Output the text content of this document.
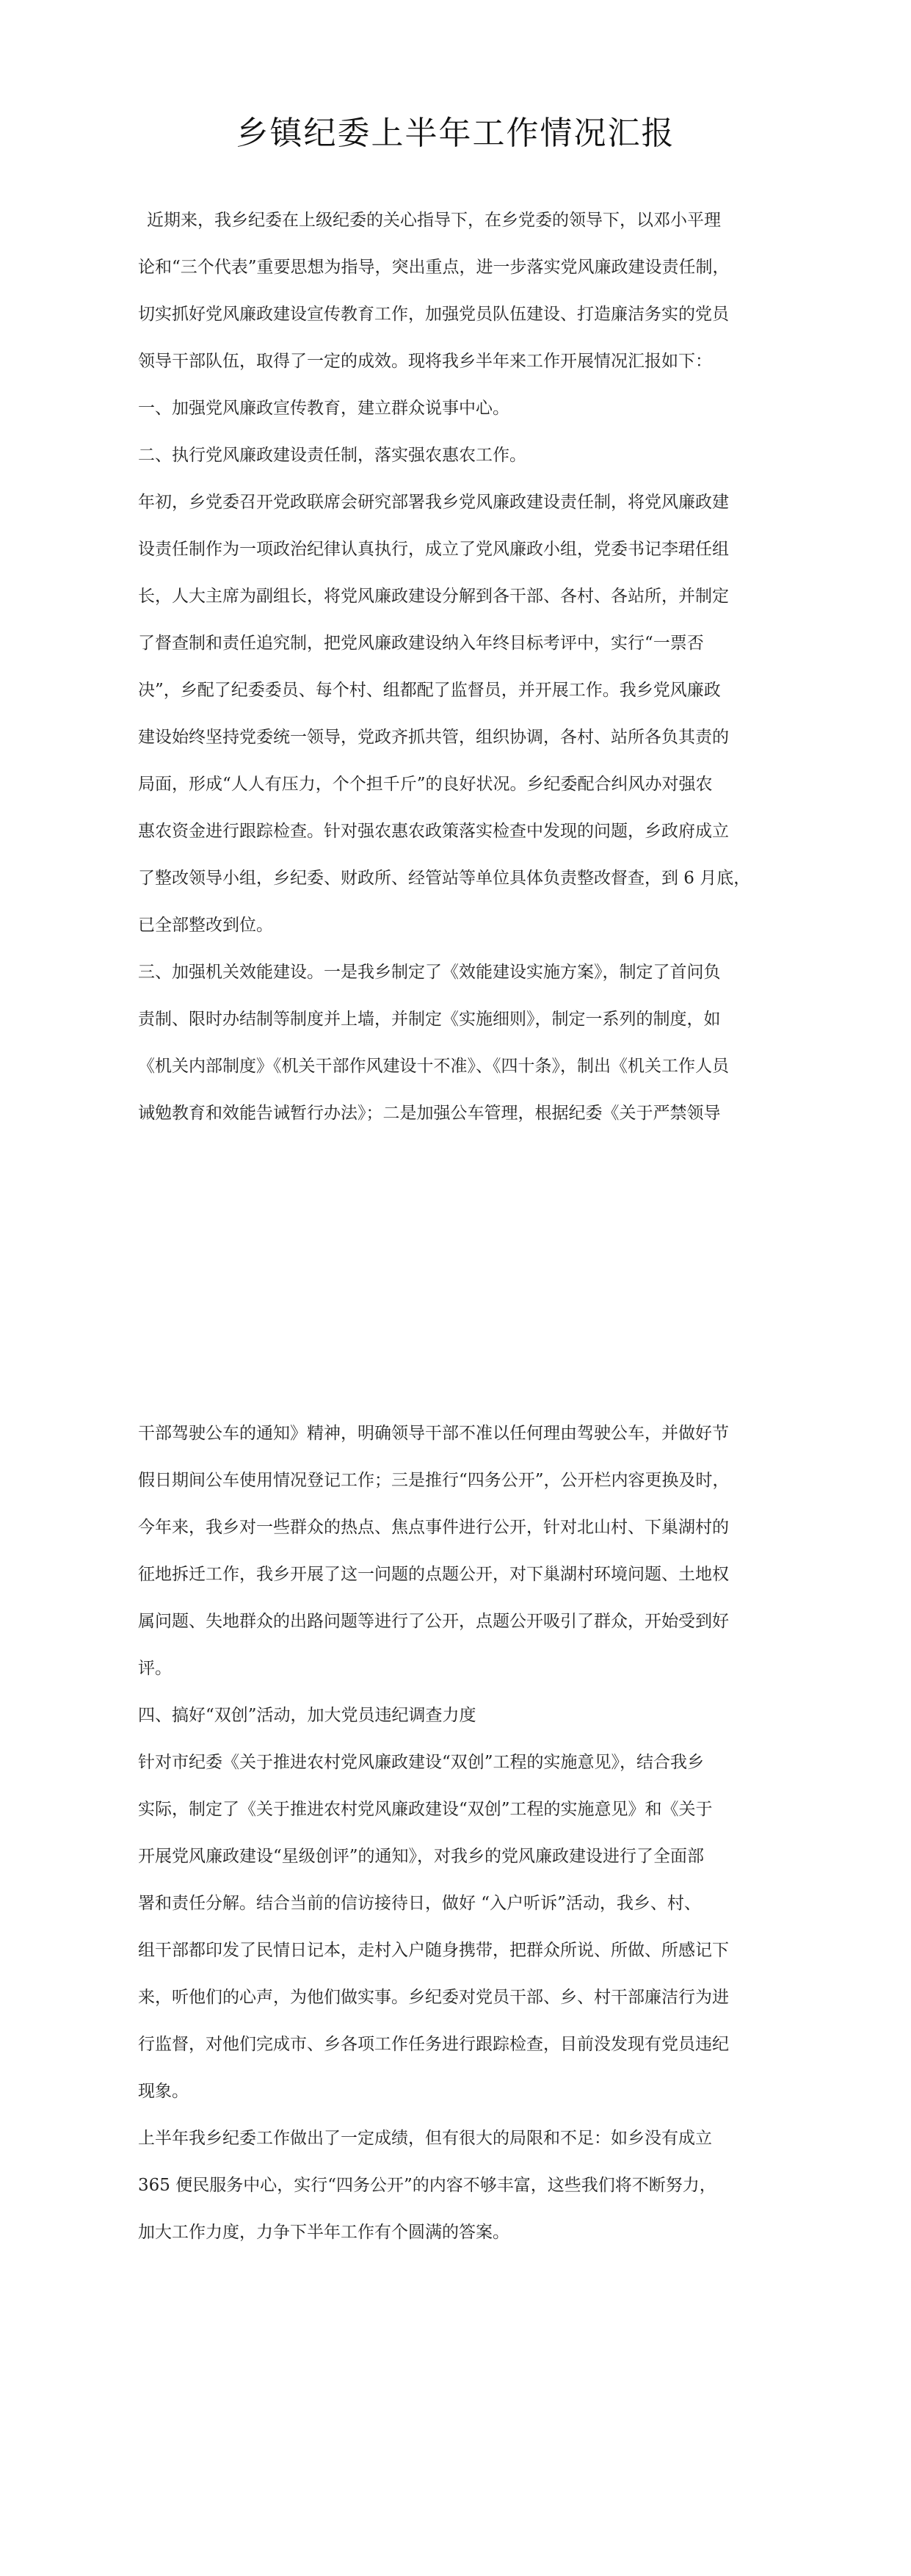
乡镇纪委上半年工作情况汇报

近期来，我乡纪委在上级纪委的关心指导下，在乡党委的领导下，以邓小平理

论和“三个代表”重要思想为指导，突出重点，进一步落实党风廉政建设责任制，

切实抓好党风廉政建设宣传教育工作，加强党员队伍建设、打造廉洁务实的党员

领导干部队伍，取得了一定的成效。现将我乡半年来工作开展情况汇报如下：

一、加强党风廉政宣传教育，建立群众说事中心。

二、执行党风廉政建设责任制，落实强农惠农工作。

年初，乡党委召开党政联席会研究部署我乡党风廉政建设责任制，将党风廉政建

设责任制作为一项政治纪律认真执行，成立了党风廉政小组，党委书记李珺任组

长，人大主席为副组长，将党风廉政建设分解到各干部、各村、各站所，并制定

了督查制和责任追究制，把党风廉政建设纳入年终目标考评中，实行“一票否

决”，乡配了纪委委员、每个村、组都配了监督员，并开展工作。我乡党风廉政

建设始终坚持党委统一领导，党政齐抓共管，组织协调，各村、站所各负其责的

局面，形成“人人有压力，个个担千斤”的良好状况。乡纪委配合纠风办对强农

惠农资金进行跟踪检查。针对强农惠农政策落实检查中发现的问题，乡政府成立

了整改领导小组，乡纪委、财政所、经管站等单位具体负责整改督查，到 6 月底，

已全部整改到位。

三、加强机关效能建设。一是我乡制定了《效能建设实施方案》，制定了首问负

责制、限时办结制等制度并上墙，并制定《实施细则》，制定一系列的制度，如

《机关内部制度》《机关干部作风建设十不准》、《四十条》，制出《机关工作人员

诫勉教育和效能告诫暂行办法》；二是加强公车管理，根据纪委《关于严禁领导

干部驾驶公车的通知》精神，明确领导干部不准以任何理由驾驶公车，并做好节

假日期间公车使用情况登记工作；三是推行“四务公开”，公开栏内容更换及时，

今年来，我乡对一些群众的热点、焦点事件进行公开，针对北山村、下巢湖村的

征地拆迁工作，我乡开展了这一问题的点题公开，对下巢湖村环境问题、土地权

属问题、失地群众的出路问题等进行了公开，点题公开吸引了群众，开始受到好

评。

四、搞好“双创”活动，加大党员违纪调查力度

针对市纪委《关于推进农村党风廉政建设“双创”工程的实施意见》，结合我乡

实际，制定了《关于推进农村党风廉政建设“双创”工程的实施意见》和《关于

开展党风廉政建设“星级创评”的通知》，对我乡的党风廉政建设进行了全面部

署和责任分解。结合当前的信访接待日，做好 “入户听诉”活动，我乡、村、

组干部都印发了民情日记本，走村入户随身携带，把群众所说、所做、所感记下

来，听他们的心声，为他们做实事。乡纪委对党员干部、乡、村干部廉洁行为进

行监督，对他们完成市、乡各项工作任务进行跟踪检查，目前没发现有党员违纪

现象。

上半年我乡纪委工作做出了一定成绩，但有很大的局限和不足：如乡没有成立

365 便民服务中心，实行“四务公开”的内容不够丰富，这些我们将不断努力，

加大工作力度，力争下半年工作有个圆满的答案。
